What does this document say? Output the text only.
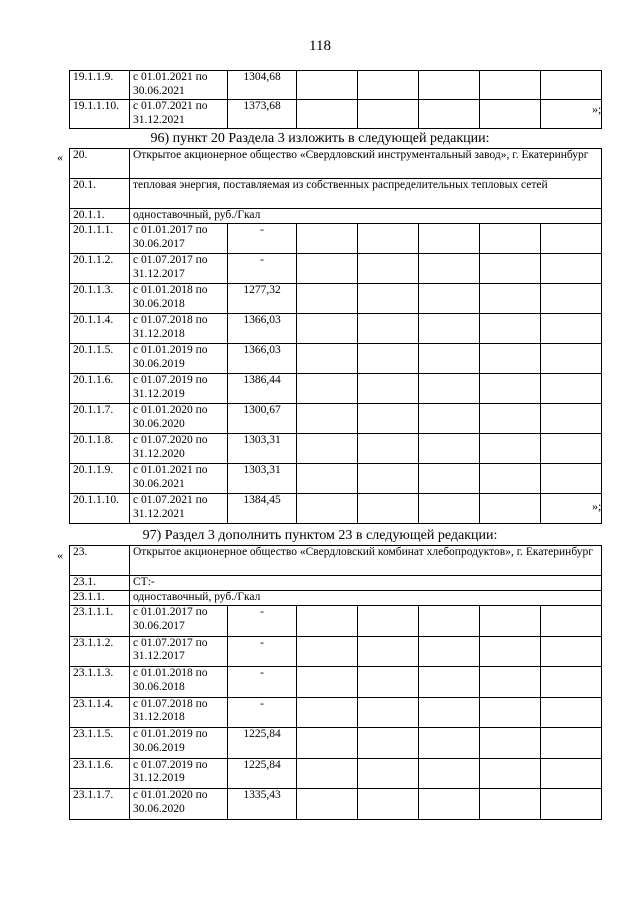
118
19.1.1.9.	с 01.01.2021 по 30.06.2021	1304,68					
19.1.1.10.	с 01.07.2021 по 31.12.2021	1373,68						»;
96) пункт 20 Раздела 3 изложить в следующей редакции:
« 20.	Открытое акционерное общество «Свердловский инструментальный завод», г. Екатеринбург						
20.1.	тепловая энергия, поставляемая из собственных распределительных тепловых сетей						
20.1.1.	одноставочный, руб./Гкал						
20.1.1.1.	с 01.01.2017 по 30.06.2017	-					
20.1.1.2.	с 01.07.2017 по 31.12.2017	-					
20.1.1.3.	с 01.01.2018 по 30.06.2018	1277,32					
20.1.1.4.	с 01.07.2018 по 31.12.2018	1366,03					
20.1.1.5.	с 01.01.2019 по 30.06.2019	1366,03					
20.1.1.6.	с 01.07.2019 по 31.12.2019	1386,44					
20.1.1.7.	с 01.01.2020 по 30.06.2020	1300,67					
20.1.1.8.	с 01.07.2020 по 31.12.2020	1303,31					
20.1.1.9.	с 01.01.2021 по 30.06.2021	1303,31					
20.1.1.10.	с 01.07.2021 по 31.12.2021	1384,45						»;
97) Раздел 3 дополнить пунктом 23 в следующей редакции:
« 23.	Открытое акционерное общество «Свердловский комбинат хлебопродуктов», г. Екатеринбург						
23.1.	СТ:-						
23.1.1.	одноставочный, руб./Гкал						
23.1.1.1.	с 01.01.2017 по 30.06.2017	-					
23.1.1.2.	с 01.07.2017 по 31.12.2017	-					
23.1.1.3.	с 01.01.2018 по 30.06.2018	-					
23.1.1.4.	с 01.07.2018 по 31.12.2018	-					
23.1.1.5.	с 01.01.2019 по 30.06.2019	1225,84					
23.1.1.6.	с 01.07.2019 по 31.12.2019	1225,84					
23.1.1.7.	с 01.01.2020 по 30.06.2020	1335,43					
